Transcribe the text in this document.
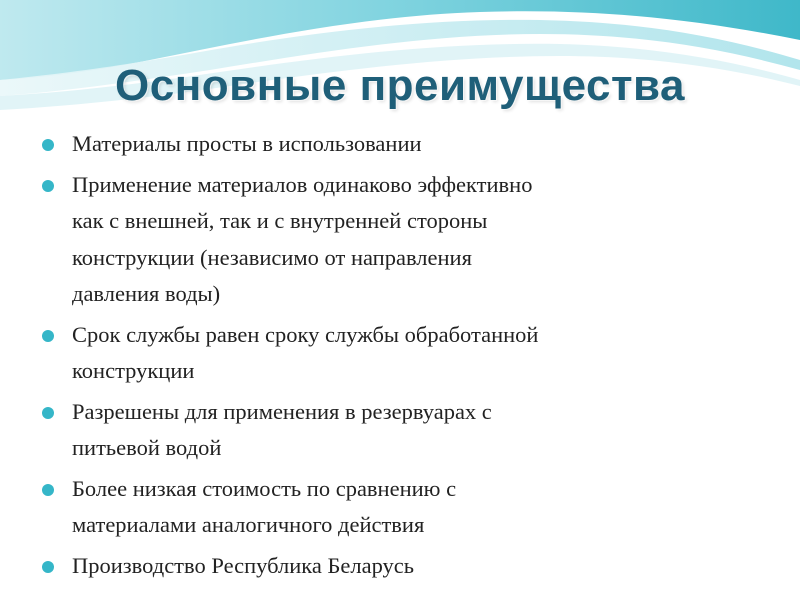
Основные преимущества
Материалы просты в использовании
Применение материалов одинаково эффективно
как с внешней, так и с внутренней стороны
конструкции (независимо от направления
давления воды)
Срок службы равен сроку службы обработанной
конструкции
Разрешены для применения в резервуарах с
питьевой водой
Более низкая стоимость по сравнению с
материалами аналогичного действия
Производство Республика Беларусь
